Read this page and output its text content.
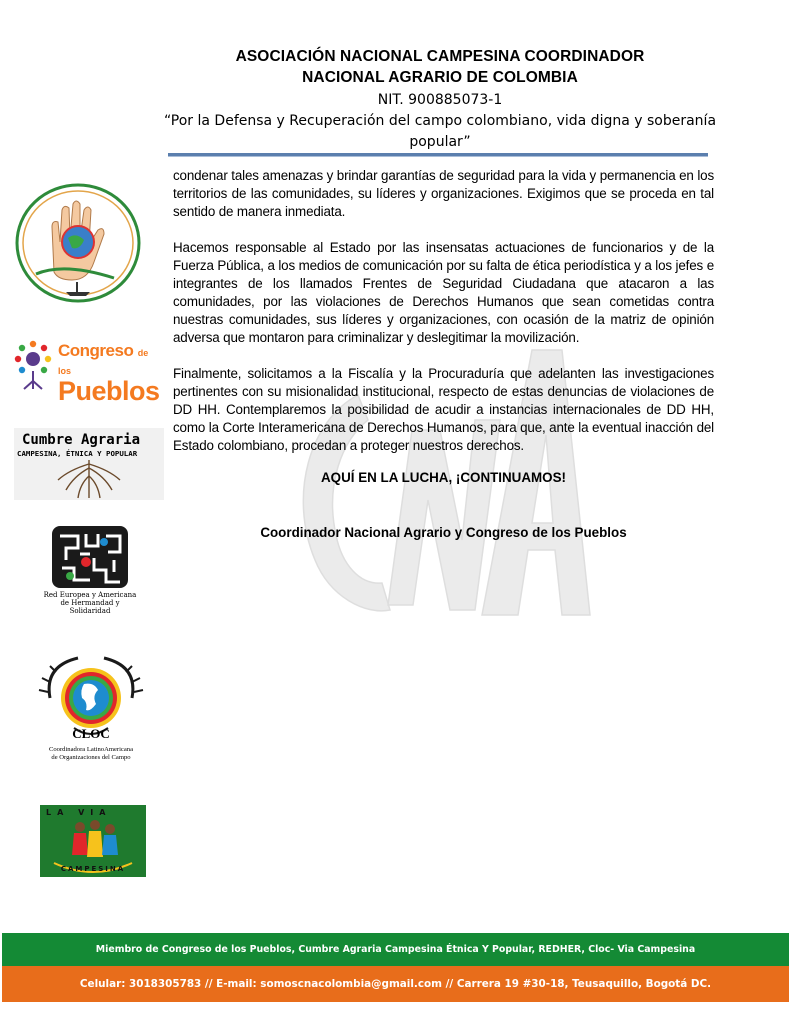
ASOCIACIÓN NACIONAL CAMPESINA COORDINADOR
NACIONAL AGRARIO DE COLOMBIA
NIT. 900885073-1
“Por la Defensa y Recuperación del campo colombiano, vida digna y soberanía
popular”

condenar tales amenazas y brindar garantías de seguridad para la vida y permanencia en los territorios de las comunidades, su líderes y organizaciones. Exigimos que se proceda en tal sentido de manera inmediata.

Hacemos responsable al Estado por las insensatas actuaciones de funcionarios y de la Fuerza Pública, a los medios de comunicación por su falta de ética periodística y a los jefes e integrantes de los llamados Frentes de Seguridad Ciudadana que atacaron a las comunidades, por las violaciones de Derechos Humanos que sean cometidas contra nuestras comunidades, sus líderes y organizaciones, con ocasión de la matriz de opinión adversa que montaron para criminalizar y deslegitimar la movilización.

Finalmente, solicitamos a la Fiscalía y la Procuraduría que adelanten las investigaciones pertinentes con su misionalidad institucional, respecto de estas denuncias de violaciones de DD HH. Contemplaremos la posibilidad de acudir a instancias internacionales de DD HH, como la Corte Interamericana de Derechos Humanos, para que, ante la eventual inacción del Estado colombiano, procedan a proteger nuestros derechos.

AQUÍ EN LA LUCHA, ¡CONTINUAMOS!
Coordinador Nacional Agrario y Congreso de los Pueblos
Congreso de los
Pueblos
Cumbre Agraria
CAMPESINA, ÉTNICA Y POPULAR
Red Europea y Americana
de Hermandad y
Solidaridad
CLOC
Coordinadora LatinoAmericana
de Organizaciones del Campo
LA VIA
CAMPESINA
Miembro de Congreso de los Pueblos, Cumbre Agraria Campesina Étnica Y Popular, REDHER, Cloc- Via Campesina
Celular: 3018305783 // E-mail: somoscnacolombia@gmail.com // Carrera 19 #30-18, Teusaquillo, Bogotá DC.
